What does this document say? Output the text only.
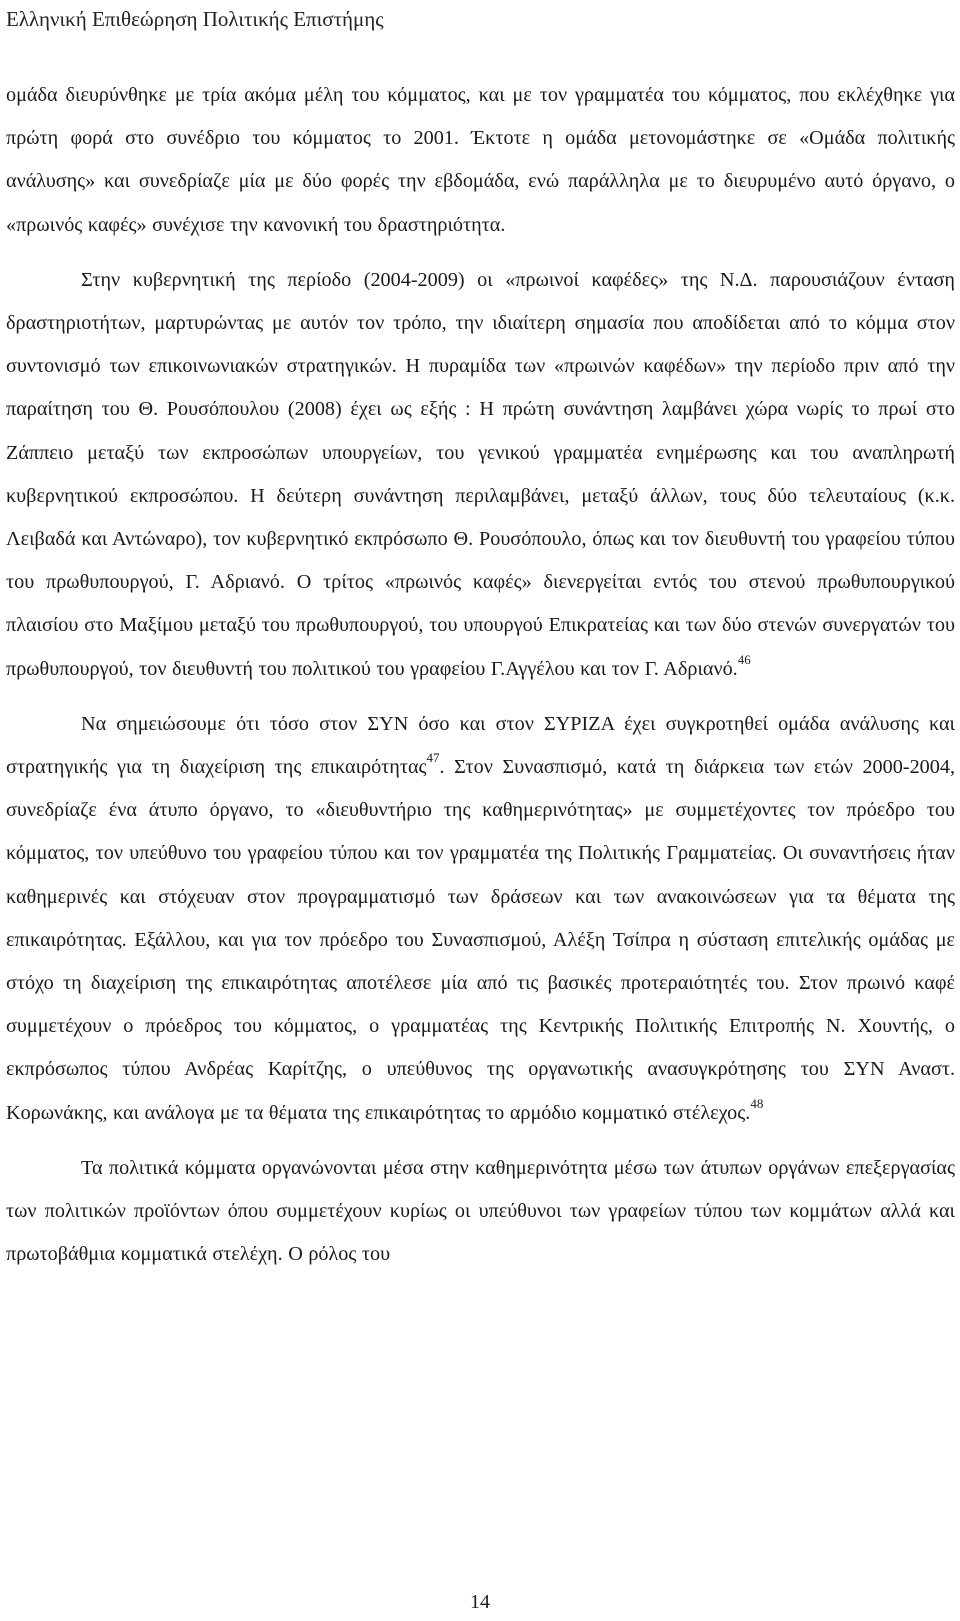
Ελληνική Επιθεώρηση Πολιτικής Επιστήμης

ομάδα διευρύνθηκε με τρία ακόμα μέλη του κόμματος, και με τον γραμματέα του κόμματος, που εκλέχθηκε για πρώτη φορά στο συνέδριο του κόμματος το 2001. Έκτοτε η ομάδα μετονομάστηκε σε «Ομάδα πολιτικής ανάλυσης» και συνεδρίαζε μία με δύο φορές την εβδομάδα, ενώ παράλληλα με το διευρυμένο αυτό όργανο, ο «πρωινός καφές» συνέχισε την κανονική του δραστηριότητα.

Στην κυβερνητική της περίοδο (2004-2009) οι «πρωινοί καφέδες» της Ν.Δ. παρουσιάζουν ένταση δραστηριοτήτων, μαρτυρώντας με αυτόν τον τρόπο, την ιδιαίτερη σημασία που αποδίδεται από το κόμμα στον συντονισμό των επικοινωνιακών στρατηγικών. Η πυραμίδα των «πρωινών καφέδων» την περίοδο πριν από την παραίτηση του Θ. Ρουσόπουλου (2008) έχει ως εξής : Η πρώτη συνάντηση λαμβάνει χώρα νωρίς το πρωί στο Ζάππειο μεταξύ των εκπροσώπων υπουργείων, του γενικού γραμματέα ενημέρωσης και του αναπληρωτή κυβερνητικού εκπροσώπου. Η δεύτερη συνάντηση περιλαμβάνει, μεταξύ άλλων, τους δύο τελευταίους (κ.κ. Λειβαδά και Αντώναρο), τον κυβερνητικό εκπρόσωπο Θ. Ρουσόπουλο, όπως και τον διευθυντή του γραφείου τύπου του πρωθυπουργού, Γ. Αδριανό. Ο τρίτος «πρωινός καφές» διενεργείται εντός του στενού πρωθυπουργικού πλαισίου στο Μαξίμου μεταξύ του πρωθυπουργού, του υπουργού Επικρατείας και των δύο στενών συνεργατών του πρωθυπουργού, τον διευθυντή του πολιτικού του γραφείου Γ.Αγγέλου και τον Γ. Αδριανό.$^{46}$

Να σημειώσουμε ότι τόσο στον ΣΥΝ όσο και στον ΣΥΡΙΖΑ έχει συγκροτηθεί ομάδα ανάλυσης και στρατηγικής για τη διαχείριση της επικαιρότητας$^{47}$. Στον Συνασπισμό, κατά τη διάρκεια των ετών 2000-2004, συνεδρίαζε ένα άτυπο όργανο, το «διευθυντήριο της καθημερινότητας» με συμμετέχοντες τον πρόεδρο του κόμματος, τον υπεύθυνο του γραφείου τύπου και τον γραμματέα της Πολιτικής Γραμματείας. Οι συναντήσεις ήταν καθημερινές και στόχευαν στον προγραμματισμό των δράσεων και των ανακοινώσεων για τα θέματα της επικαιρότητας. Εξάλλου, και για τον πρόεδρο του Συνασπισμού, Αλέξη Τσίπρα η σύσταση επιτελικής ομάδας με στόχο τη διαχείριση της επικαιρότητας αποτέλεσε μία από τις βασικές προτεραιότητές του. Στον πρωινό καφέ συμμετέχουν ο πρόεδρος του κόμματος, ο γραμματέας της Κεντρικής Πολιτικής Επιτροπής Ν. Χουντής, ο εκπρόσωπος τύπου Ανδρέας Καρίτζης, ο υπεύθυνος της οργανωτικής ανασυγκρότησης του ΣΥΝ Αναστ. Κορωνάκης, και ανάλογα με τα θέματα της επικαιρότητας το αρμόδιο κομματικό στέλεχος.$^{48}$

Τα πολιτικά κόμματα οργανώνονται μέσα στην καθημερινότητα μέσω των άτυπων οργάνων επεξεργασίας των πολιτικών προϊόντων όπου συμμετέχουν κυρίως οι υπεύθυνοι των γραφείων τύπου των κομμάτων αλλά και πρωτοβάθμια κομματικά στελέχη. Ο ρόλος του

14
